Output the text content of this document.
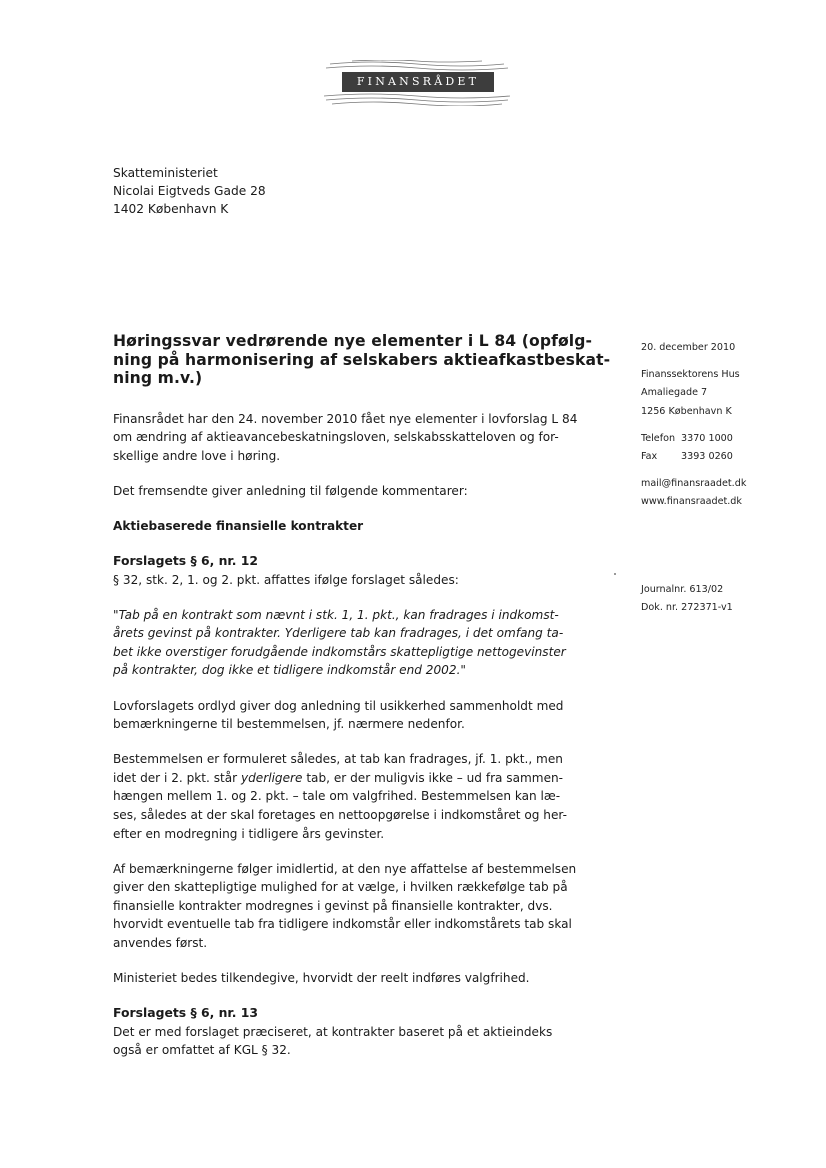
FINANSRÅDET
Skatteministeriet
Nicolai Eigtveds Gade 28
1402 København K
Høringssvar vedrørende nye elementer i L 84 (opfølg-
ning på harmonisering af selskabers aktieafkastbeskat-
ning m.v.)
Finansrådet har den 24. november 2010 fået nye elementer i lovforslag L 84
om ændring af aktieavancebeskatningsloven, selskabsskatteloven og for-
skellige andre love i høring.
Det fremsendte giver anledning til følgende kommentarer:
Aktiebaserede finansielle kontrakter
Forslagets § 6, nr. 12
§ 32, stk. 2, 1. og 2. pkt. affattes ifølge forslaget således:
"Tab på en kontrakt som nævnt i stk. 1, 1. pkt., kan fradrages i indkomst-
årets gevinst på kontrakter. Yderligere tab kan fradrages, i det omfang ta-
bet ikke overstiger forudgående indkomstårs skattepligtige nettogevinster
på kontrakter, dog ikke et tidligere indkomstår end 2002."
Lovforslagets ordlyd giver dog anledning til usikkerhed sammenholdt med
bemærkningerne til bestemmelsen, jf. nærmere nedenfor.
Bestemmelsen er formuleret således, at tab kan fradrages, jf. 1. pkt., men
idet der i 2. pkt. står yderligere tab, er der muligvis ikke – ud fra sammen-
hængen mellem 1. og 2. pkt. – tale om valgfrihed. Bestemmelsen kan læ-
ses, således at der skal foretages en nettoopgørelse i indkomståret og her-
efter en modregning i tidligere års gevinster.
Af bemærkningerne følger imidlertid, at den nye affattelse af bestemmelsen
giver den skattepligtige mulighed for at vælge, i hvilken rækkefølge tab på
finansielle kontrakter modregnes i gevinst på finansielle kontrakter, dvs.
hvorvidt eventuelle tab fra tidligere indkomstår eller indkomstårets tab skal
anvendes først.
Ministeriet bedes tilkendegive, hvorvidt der reelt indføres valgfrihed.
Forslagets § 6, nr. 13
Det er med forslaget præciseret, at kontrakter baseret på et aktieindeks
også er omfattet af KGL § 32.
20. december 2010
Finanssektorens Hus
Amaliegade 7
1256 København K
Telefon 3370 1000
Fax 3393 0260
mail@finansraadet.dk
www.finansraadet.dk
Journalnr. 613/02
Dok. nr. 272371-v1
